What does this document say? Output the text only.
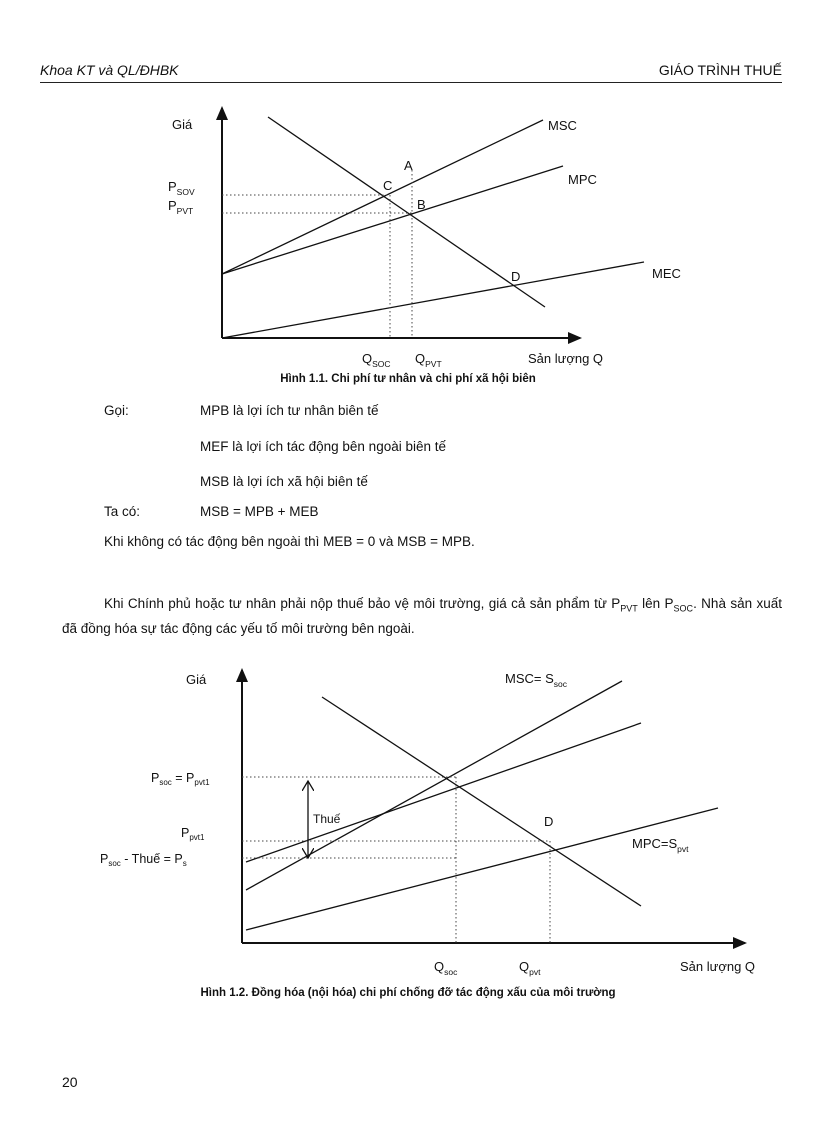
Khoa KT và QL/ĐHBK	GIÁO TRÌNH THUẾ
Giá
Sản lượng Q
MSC
MPC
MEC
A
C
B
D
$P_{SOV}$
$P_{PVT}$
$Q_{SOC}$ $Q_{PVT}$
Hình 1.1. Chi phí tư nhân và chi phí xã hội biên
Gọi:	MPB là lợi ích tư nhân biên tế
MEF là lợi ích tác động bên ngoài biên tế
MSB là lợi ích xã hội biên tế
Ta có:	MSB = MPB + MEB
Khi không có tác động bên ngoài thì MEB = 0 và MSB = MPB.
Khi Chính phủ hoặc tư nhân phải nộp thuế bảo vệ môi trường, giá cả sản phẩm từ $P_{PVT}$ lên $P_{SOC}$. Nhà sản xuất đã đồng hóa sự tác động các yếu tố môi trường bên ngoài.
Giá
Sản lượng Q
Thuế	D
$MSC= S_{soc}$
$MPC=S_{pvt}$
$P_{soc} = P_{pvt1}$
$P_{pvt1}$
$P_{soc}$ - Thuế = $P_s$
$Q_{soc}$	$Q_{pvt}$
Hình 1.2. Đồng hóa (nội hóa) chi phí chống đỡ tác động xấu của môi trường
20
